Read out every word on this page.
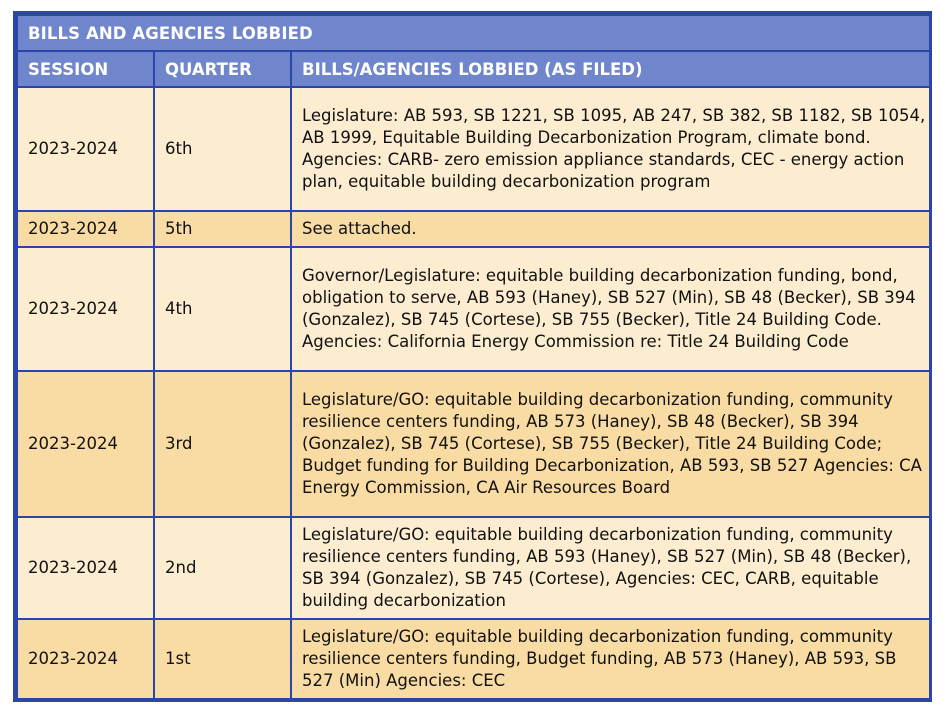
BILLS AND AGENCIES LOBBIED		
SESSION	QUARTER	BILLS/AGENCIES LOBBIED (AS FILED)
2023-2024	6th	Legislature: AB 593, SB 1221, SB 1095, AB 247, SB 382, SB 1182, SB 1054, AB 1999, Equitable Building Decarbonization Program, climate bond. Agencies: CARB- zero emission appliance standards, CEC - energy action plan, equitable building decarbonization program
2023-2024	5th	See attached.
2023-2024	4th	Governor/Legislature: equitable building decarbonization funding, bond, obligation to serve, AB 593 (Haney), SB 527 (Min), SB 48 (Becker), SB 394 (Gonzalez), SB 745 (Cortese), SB 755 (Becker), Title 24 Building Code. Agencies: California Energy Commission re: Title 24 Building Code
2023-2024	3rd	Legislature/GO: equitable building decarbonization funding, community resilience centers funding, AB 573 (Haney), SB 48 (Becker), SB 394 (Gonzalez), SB 745 (Cortese), SB 755 (Becker), Title 24 Building Code; Budget funding for Building Decarbonization, AB 593, SB 527 Agencies: CA Energy Commission, CA Air Resources Board
2023-2024	2nd	Legislature/GO: equitable building decarbonization funding, community resilience centers funding, AB 593 (Haney), SB 527 (Min), SB 48 (Becker), SB 394 (Gonzalez), SB 745 (Cortese), Agencies: CEC, CARB, equitable building decarbonization
2023-2024	1st	Legislature/GO: equitable building decarbonization funding, community resilience centers funding, Budget funding, AB 573 (Haney), AB 593, SB 527 (Min) Agencies: CEC
